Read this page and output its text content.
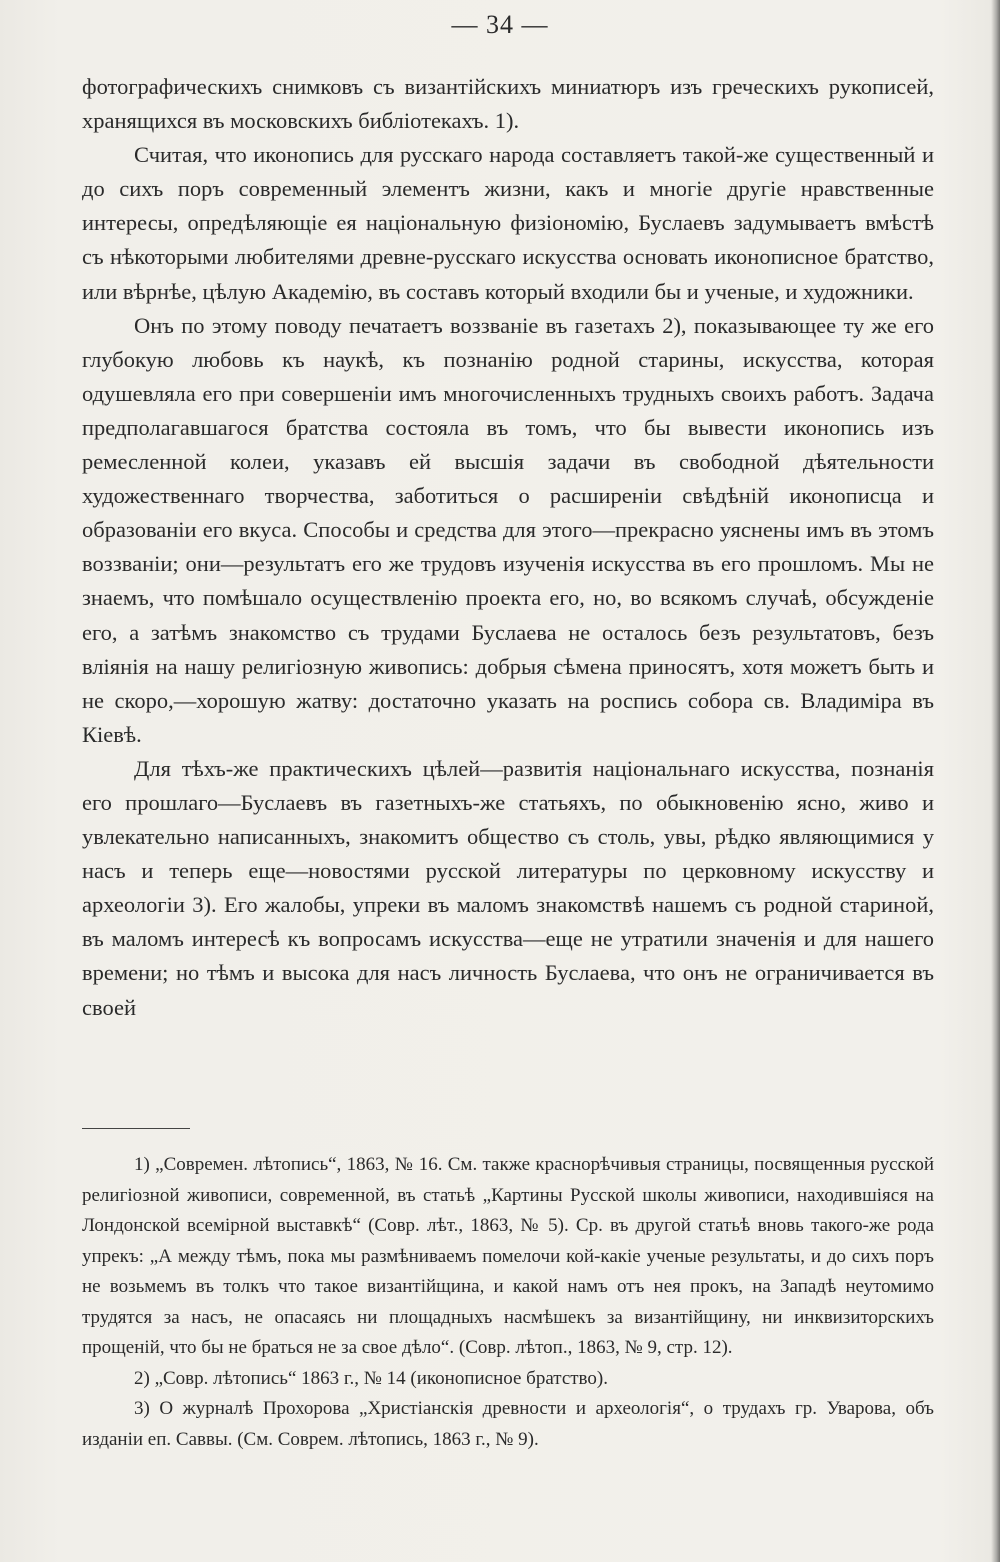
— 34 —

фотографическихъ снимковъ съ византiйскихъ миниатюръ изъ греческихъ рукописей, хранящихся въ московскихъ библiотекахъ. 1).

Считая, что иконопись для русскаго народа составляетъ такой-же существенный и до сихъ поръ современный элементъ жизни, какъ и многiе другiе нравственные интересы, опредѣляющiе ея нацiональную физiономiю, Буслаевъ задумываетъ вмѣстѣ съ нѣкоторыми любителями древне-русскаго искусства основать иконописное братство, или вѣрнѣе, цѣлую Академiю, въ составъ который входили бы и ученые, и художники.

Онъ по этому поводу печатаетъ воззванiе въ газетахъ 2), показывающее ту же его глубокую любовь къ наукѣ, къ познанiю родной старины, искусства, которая одушевляла его при совершенiи имъ многочисленныхъ трудныхъ своихъ работъ. Задача предполагавшагося братства состояла въ томъ, что бы вывести иконопись изъ ремесленной колеи, указавъ ей высшiя задачи въ свободной дѣятельности художественнаго творчества, заботиться о расширенiи свѣдѣнiй иконописца и образованiи его вкуса. Способы и средства для этого—прекрасно уяснены имъ въ этомъ воззванiи; они—результатъ его же трудовъ изученiя искусства въ его прошломъ. Мы не знаемъ, что помѣшало осуществленiю проекта его, но, во всякомъ случаѣ, обсужденiе его, а затѣмъ знакомство съ трудами Буслаева не осталось безъ результатовъ, безъ влiянiя на нашу религiозную живопись: добрыя сѣмена приносятъ, хотя можетъ быть и не скоро,—хорошую жатву: достаточно указать на роспись собора св. Владимiра въ Кiевѣ.

Для тѣхъ-же практическихъ цѣлей—развитiя нацiональнаго искусства, познанiя его прошлаго—Буслаевъ въ газетныхъ-же статьяхъ, по обыкновенiю ясно, живо и увлекательно написанныхъ, знакомитъ общество съ столь, увы, рѣдко являющимися у насъ и теперь еще—новостями русской литературы по церковному искусству и археологiи 3). Его жалобы, упреки въ маломъ знакомствѣ нашемъ съ родной стариной, въ маломъ интересѣ къ вопросамъ искусства—еще не утратили значенiя и для нашего времени; но тѣмъ и высока для насъ личность Буслаева, что онъ не ограничивается въ своей

1) „Современ. лѣтопись“, 1863, № 16. См. также краснорѣчивыя страницы, посвященныя русской религiозной живописи, современной, въ статьѣ „Картины Русской школы живописи, находившiяся на Лондонской всемiрной выставкѣ“ (Совр. лѣт., 1863, № 5). Ср. въ другой статьѣ вновь такого-же рода упрекъ: „А между тѣмъ, пока мы размѣниваемъ помелочи кой-какiе ученые результаты, и до сихъ поръ не возьмемъ въ толкъ что такое византiйщина, и какой намъ отъ нея прокъ, на Западѣ неутомимо трудятся за насъ, не опасаясь ни площадныхъ насмѣшекъ за византiйщину, ни инквизиторскихъ прощенiй, что бы не браться не за свое дѣло“. (Совр. лѣтоп., 1863, № 9, стр. 12).

2) „Совр. лѣтопись“ 1863 г., № 14 (иконописное братство).

3) О журналѣ Прохорова „Христiанскiя древности и археологiя“, о трудахъ гр. Уварова, объ изданiи еп. Саввы. (См. Соврем. лѣтопись, 1863 г., № 9).
